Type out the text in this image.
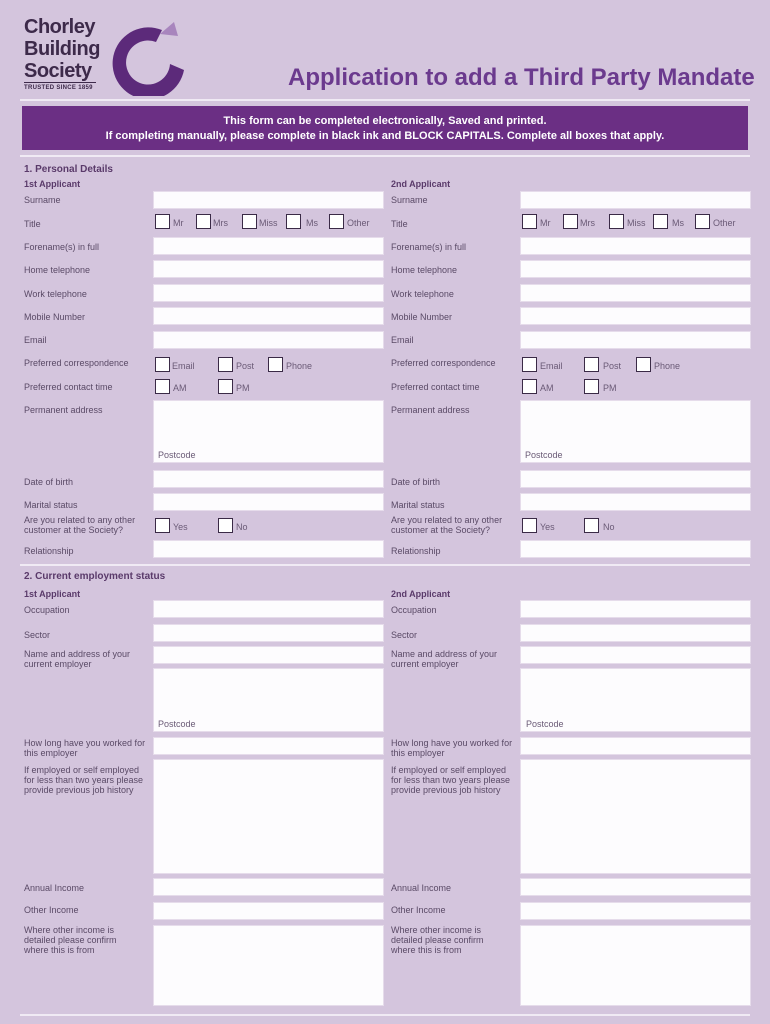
Chorley
Building
Society
TRUSTED SINCE 1859	Application to add a Third Party Mandate
This form can be completed electronically, Saved and printed.
If completing manually, please complete in black ink and BLOCK CAPITALS. Complete all boxes that apply.
1. Personal Details
1st Applicant	2nd Applicant
Surname	Surname
Title	Mr	Mrs	Miss	Ms	Other Title	Mr	Mrs	Miss	Ms	Other
Forename(s) in full	Forename(s) in full
Home telephone	Home telephone
Work telephone	Work telephone
Mobile Number	Mobile Number
Email	Email
Preferred correspondence	Email	Post	Phone	Preferred correspondence	Email	Post	Phone
Preferred contact time	AM	PM	Preferred contact time	AM	PM
Permanent address
Postcode
Permanent address
Postcode
Date of birth	Date of birth
Marital status	Marital status
Are you related to any other customer at the Society?	Yes	No
Are you related to any other customer at the Society?	Yes	No
Relationship	Relationship
2. Current employment status
1st Applicant	2nd Applicant
Occupation	Occupation
Sector	Sector
Name and address of your current employer
Postcode
Name and address of your current employer
Postcode
How long have you worked for this employer
How long have you worked for this employer
If employed or self employed for less than two years please provide previous job history
If employed or self employed for less than two years please provide previous job history
Annual Income	Annual Income
Other Income	Other Income
Where other income is detailed please confirm where this is from
Where other income is detailed please confirm where this is from
